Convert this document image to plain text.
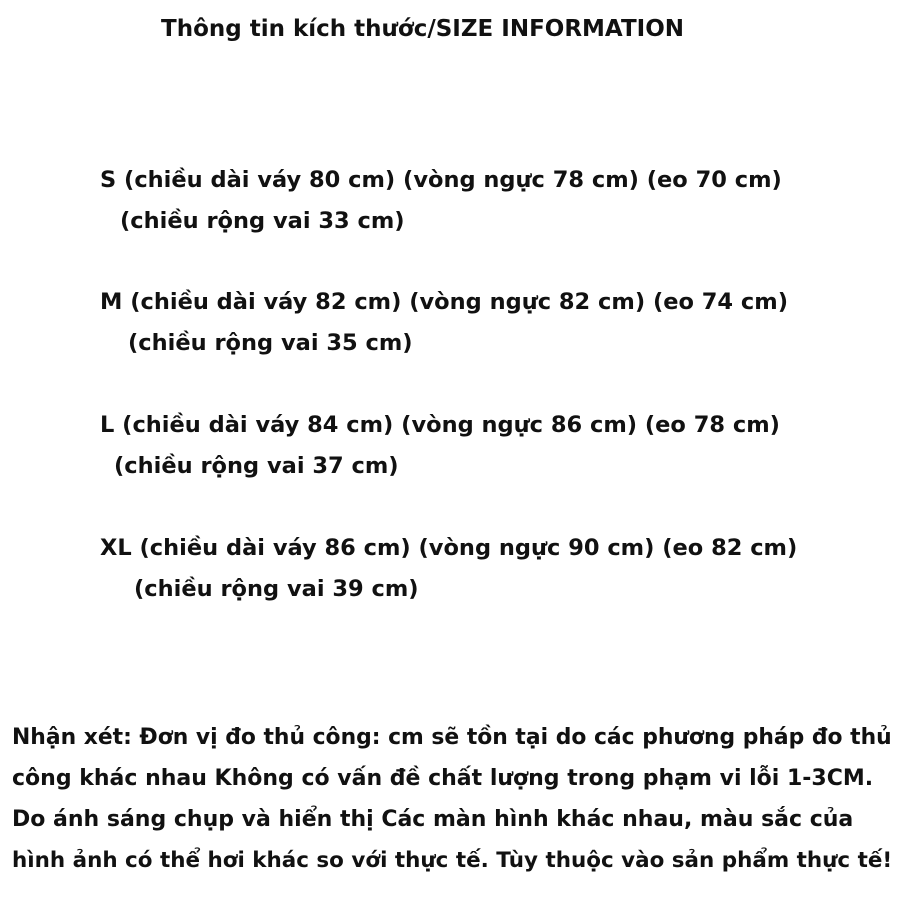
Thông tin kích thước/SIZE INFORMATION
S (chiều dài váy 80 cm) (vòng ngực 78 cm) (eo 70 cm)
(chiều rộng vai 33 cm)
M (chiều dài váy 82 cm) (vòng ngực 82 cm) (eo 74 cm)
(chiều rộng vai 35 cm)
L (chiều dài váy 84 cm) (vòng ngực 86 cm) (eo 78 cm)
(chiều rộng vai 37 cm)
XL (chiều dài váy 86 cm) (vòng ngực 90 cm) (eo 82 cm)
(chiều rộng vai 39 cm)
Nhận xét: Đơn vị đo thủ công: cm sẽ tồn tại do các phương pháp đo thủ
công khác nhau Không có vấn đề chất lượng trong phạm vi lỗi 1-3CM.
Do ánh sáng chụp và hiển thị Các màn hình khác nhau, màu sắc của
hình ảnh có thể hơi khác so với thực tế. Tùy thuộc vào sản phẩm thực tế!
